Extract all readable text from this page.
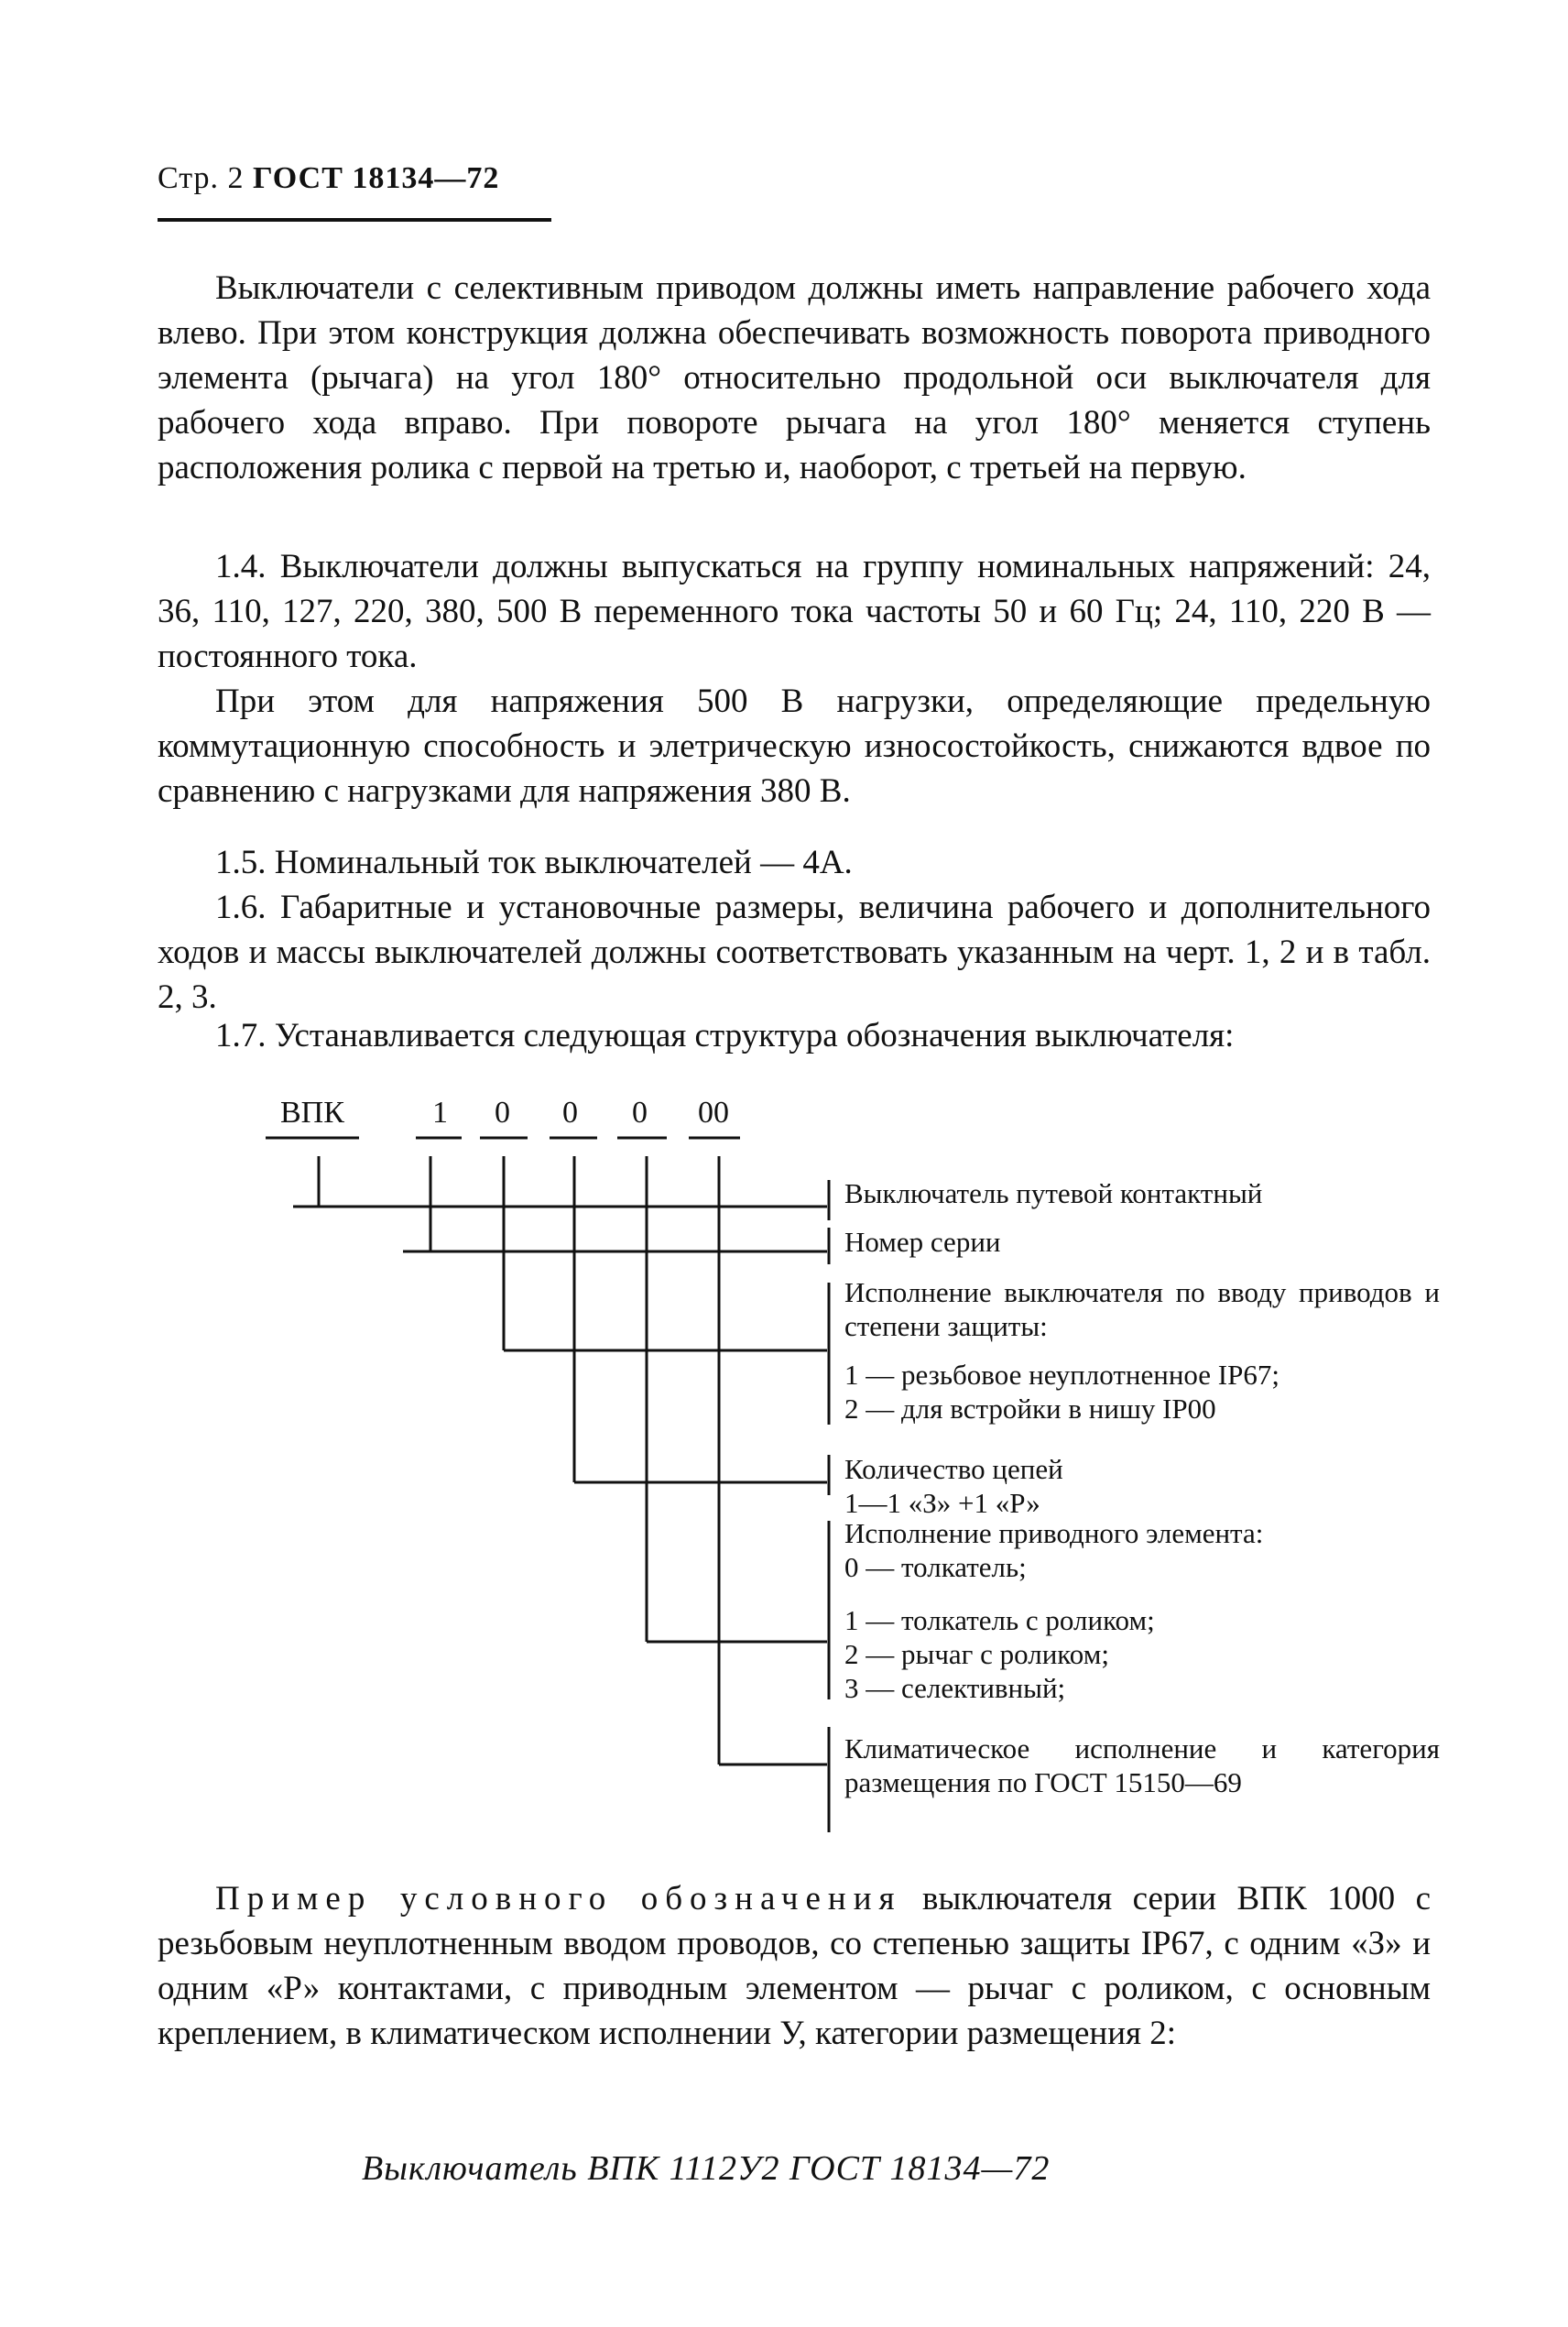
Стр. 2 ГОСТ 18134—72

Выключатели с селективным приводом должны иметь направление рабочего хода влево. При этом конструкция должна обеспечивать возможность поворота приводного элемента (рычага) на угол 180° относительно продольной оси выключателя для рабочего хода вправо. При повороте рычага на угол 180° меняется ступень расположения ролика с первой на третью и, наоборот, с третьей на первую.

1.4. Выключатели должны выпускаться на группу номинальных напряжений: 24, 36, 110, 127, 220, 380, 500 В переменного тока частоты 50 и 60 Гц; 24, 110, 220 В — постоянного тока.

При этом для напряжения 500 В нагрузки, определяющие предельную коммутационную способность и элетрическую износостойкость, снижаются вдвое по сравнению с нагрузками для напряжения 380 В.

1.5. Номинальный ток выключателей — 4А.

1.6. Габаритные и установочные размеры, величина рабочего и дополнительного ходов и массы выключателей должны соответствовать указанным на черт. 1, 2 и в табл. 2, 3.

1.7. Устанавливается следующая структура обозначения выключателя:

ВПК	1 0 0 0 00
Выключатель путевой контактный
Номер серии
Исполнение выключателя по вводу приводов и степени защиты:
1 — резьбовое неуплотненное IР67;
2 — для встройки в нишу IР00
Количество цепей
1—1 «З» +1 «Р»
Исполнение приводного элемента:
0 — толкатель;
1 — толкатель с роликом;
2 — рычаг с роликом;
3 — селективный;
Климатическое исполнение и категория размещения по ГОСТ 15150—69

Пример условного обозначения выключателя серии ВПК 1000 с резьбовым неуплотненным вводом проводов, со степенью защиты IР67, с одним «З» и одним «Р» контактами, с приводным элементом — рычаг с роликом, с основным креплением, в климатическом исполнении У, категории размещения 2:

Выключатель ВПК 1112У2 ГОСТ 18134—72
